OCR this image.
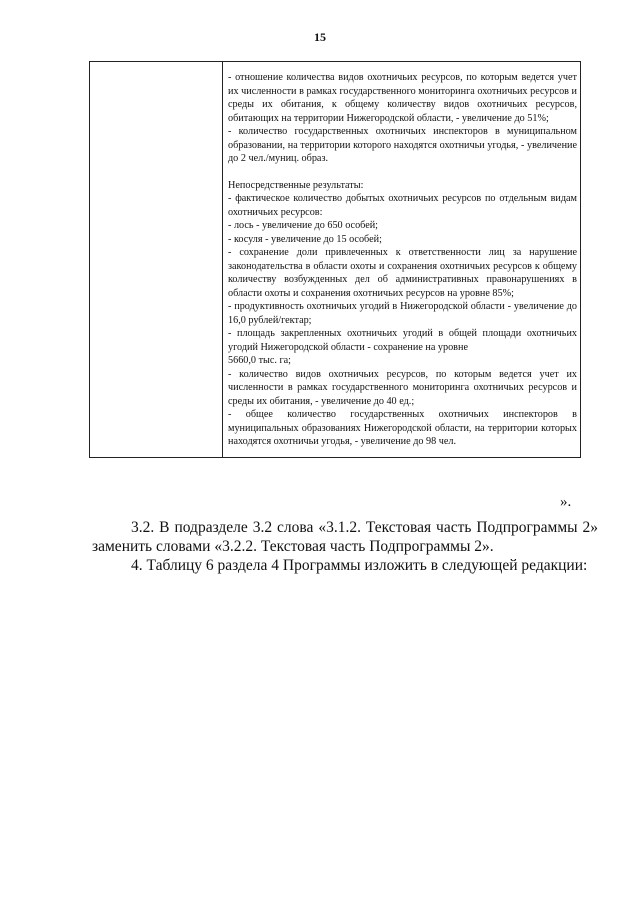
15

- отношение количества видов охотничьих ресурсов, по которым ведется учет их численности в рамках государственного мониторинга охотничьих ресурсов и среды их обитания, к общему количеству видов охотничьих ресурсов, обитающих на территории Нижегородской области, - увеличение до 51%;

- количество государственных охотничьих инспекторов в муниципальном образовании, на территории которого находятся охотничьи угодья, - увеличение до 2 чел./муниц. образ.

Непосредственные результаты:

- фактическое количество добытых охотничьих ресурсов по отдельным видам охотничьих ресурсов:

- лось - увеличение до 650 особей;

- косуля - увеличение до 15 особей;

- сохранение доли привлеченных к ответственности лиц за нарушение законодательства в области охоты и сохранения охотничьих ресурсов к общему количеству возбужденных дел об административных правонарушениях в области охоты и сохранения охотничьих ресурсов на уровне 85%;

- продуктивность охотничьих угодий в Нижегородской области - увеличение до 16,0 рублей/гектар;

- площадь закрепленных охотничьих угодий в общей площади охотничьих угодий Нижегородской области - сохранение на уровне

5660,0 тыс. га;

- количество видов охотничьих ресурсов, по которым ведется учет их численности в рамках государственного мониторинга охотничьих ресурсов и среды их обитания, - увеличение до 40 ед.;

- общее количество государственных охотничьих инспекторов в муниципальных образованиях Нижегородской области, на территории которых находятся охотничьи угодья, - увеличение до 98 чел.

».

3.2. В подразделе 3.2 слова «3.1.2. Текстовая часть Подпрограммы 2» заменить словами «3.2.2. Текстовая часть Подпрограммы 2».

4. Таблицу 6 раздела 4 Программы изложить в следующей редакции:
